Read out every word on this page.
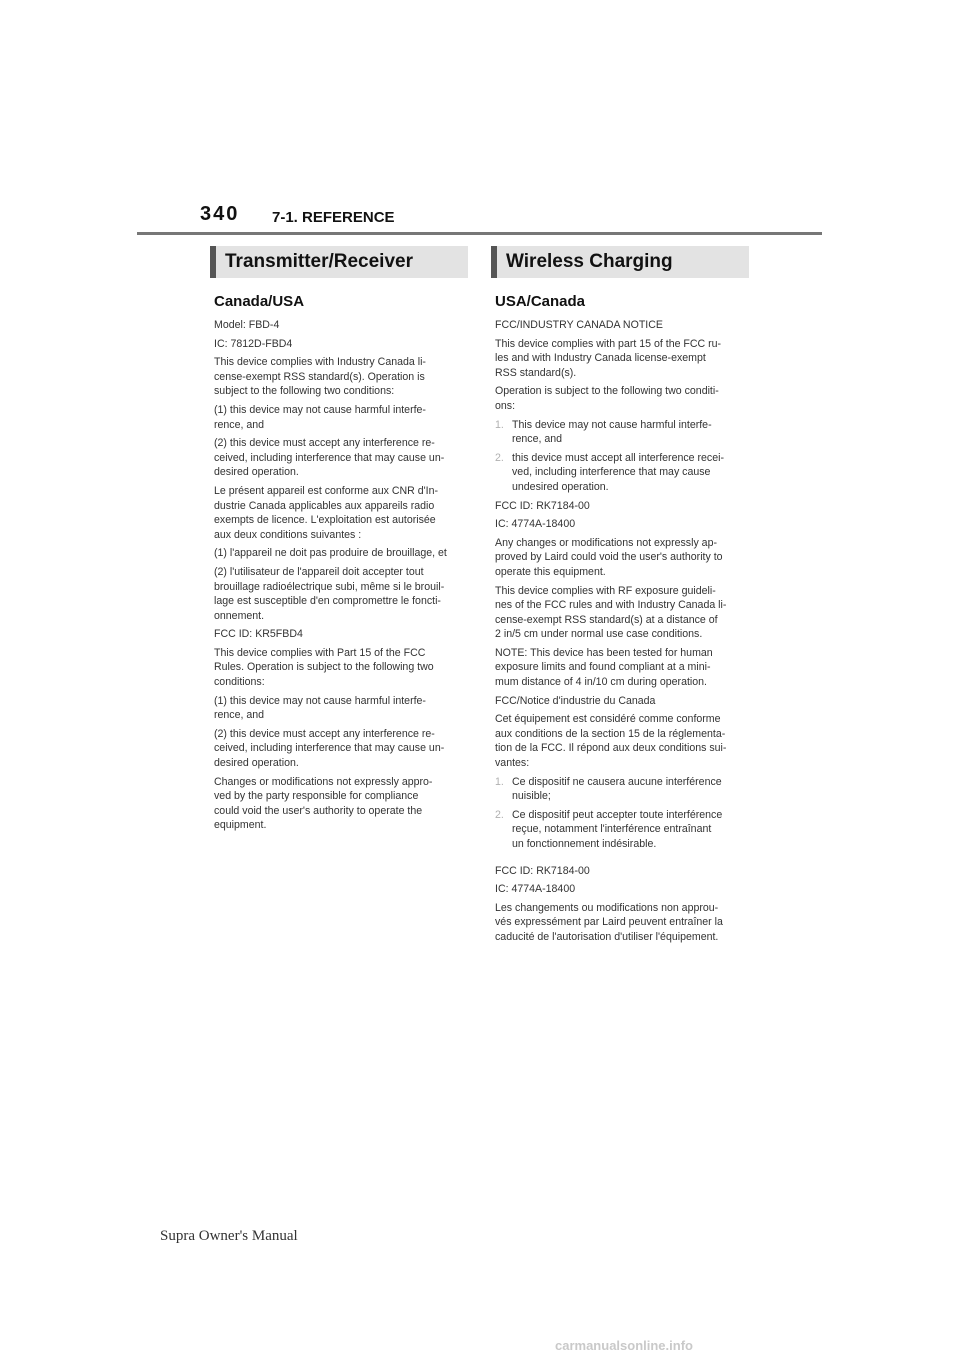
340 7-1. REFERENCE
Transmitter/Receiver
Canada/USA
Model: FBD-4
IC: 7812D-FBD4
This device complies with Industry Canada li-
cense-exempt RSS standard(s). Operation is
subject to the following two conditions:
(1) this device may not cause harmful interfe-
rence, and
(2) this device must accept any interference re-
ceived, including interference that may cause un-
desired operation.
Le présent appareil est conforme aux CNR d'In-
dustrie Canada applicables aux appareils radio
exempts de licence. L'exploitation est autorisée
aux deux conditions suivantes :
(1) l'appareil ne doit pas produire de brouillage, et
(2) l'utilisateur de l'appareil doit accepter tout
brouillage radioélectrique subi, même si le brouil-
lage est susceptible d'en compromettre le foncti-
onnement.
FCC ID: KR5FBD4
This device complies with Part 15 of the FCC
Rules. Operation is subject to the following two
conditions:
(1) this device may not cause harmful interfe-
rence, and
(2) this device must accept any interference re-
ceived, including interference that may cause un-
desired operation.
Changes or modifications not expressly appro-
ved by the party responsible for compliance
could void the user's authority to operate the
equipment.
Wireless Charging
USA/Canada
FCC/INDUSTRY CANADA NOTICE
This device complies with part 15 of the FCC ru-
les and with Industry Canada license-exempt
RSS standard(s).
Operation is subject to the following two conditi-
ons:
1. This device may not cause harmful interfe-
rence, and
2. this device must accept all interference recei-
ved, including interference that may cause
undesired operation.
FCC ID: RK7184-00
IC: 4774A-18400
Any changes or modifications not expressly ap-
proved by Laird could void the user's authority to
operate this equipment.
This device complies with RF exposure guideli-
nes of the FCC rules and with Industry Canada li-
cense-exempt RSS standard(s) at a distance of
2 in/5 cm under normal use case conditions.
NOTE: This device has been tested for human
exposure limits and found compliant at a mini-
mum distance of 4 in/10 cm during operation.
FCC/Notice d'industrie du Canada
Cet équipement est considéré comme conforme
aux conditions de la section 15 de la réglementa-
tion de la FCC. Il répond aux deux conditions sui-
vantes:
1. Ce dispositif ne causera aucune interférence
nuisible;
2. Ce dispositif peut accepter toute interférence
reçue, notamment l'interférence entraînant
un fonctionnement indésirable.
FCC ID: RK7184-00
IC: 4774A-18400
Les changements ou modifications non approu-
vés expressément par Laird peuvent entraîner la
caducité de l'autorisation d'utiliser l'équipement.
Supra Owner's Manual
carmanualsonline.info
